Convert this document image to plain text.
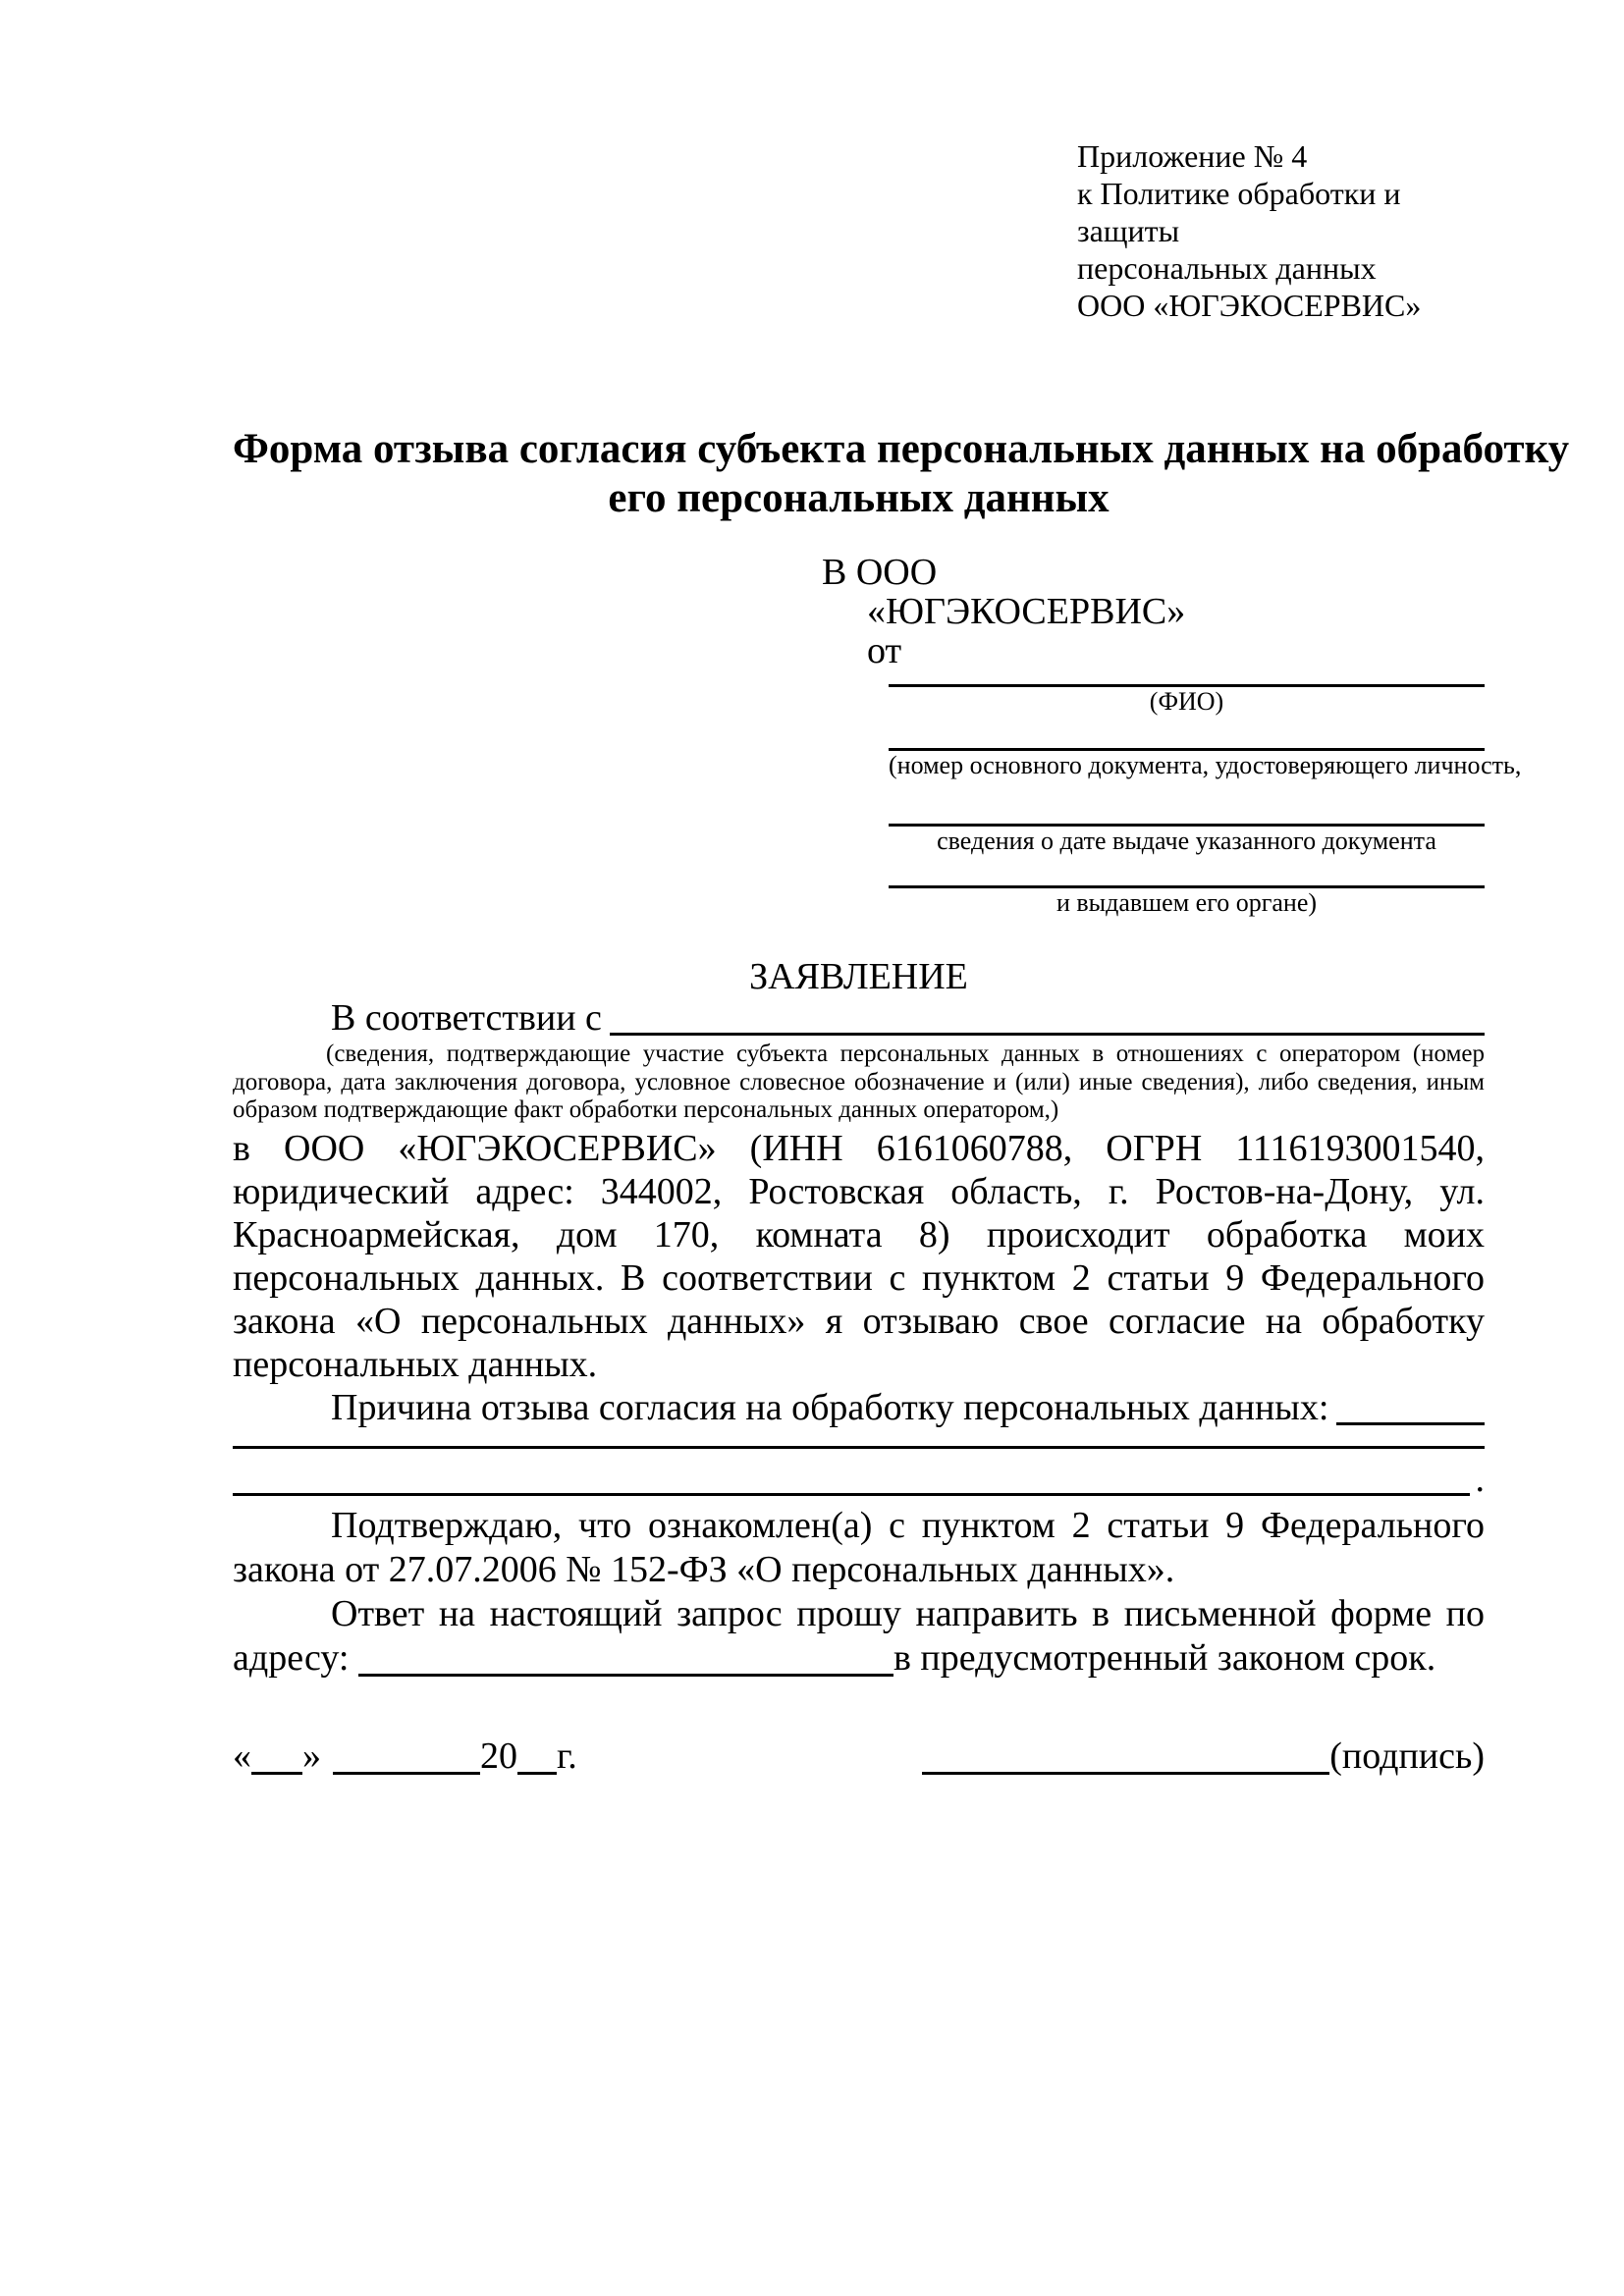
Приложение № 4
к Политике обработки и защиты
персональных данных
ООО «ЮГЭКОСЕРВИС»
Форма отзыва согласия субъекта персональных данных на обработку
его персональных данных
В ООО
«ЮГЭКОСЕРВИС»
от
(ФИО)
(номер основного документа, удостоверяющего личность,
сведения о дате выдаче указанного документа
и выдавшем его органе)
ЗАЯВЛЕНИЕ
В соответствии с
(сведения, подтверждающие участие субъекта персональных данных в отношениях с оператором (номер договора, дата заключения договора, условное словесное обозначение и (или) иные сведения), либо сведения, иным образом подтверждающие факт обработки персональных данных оператором,)
в ООО «ЮГЭКОСЕРВИС» (ИНН 6161060788, ОГРН 1116193001540, юридический адрес: 344002, Ростовская область, г. Ростов-на-Дону, ул. Красноармейская, дом 170, комната 8) происходит обработка моих персональных данных. В соответствии с пунктом 2 статьи 9 Федерального закона «О персональных данных» я отзываю свое согласие на обработку персональных данных.
Причина отзыва согласия на обработку персональных данных:
.
Подтверждаю, что ознакомлен(а) с пунктом 2 статьи 9 Федерального закона от 27.07.2006 № 152-ФЗ «О персональных данных».
Ответ на настоящий запрос прошу направить в письменной форме по адресу:	в предусмотренный законом срок.
« »	20 г.	(подпись)
